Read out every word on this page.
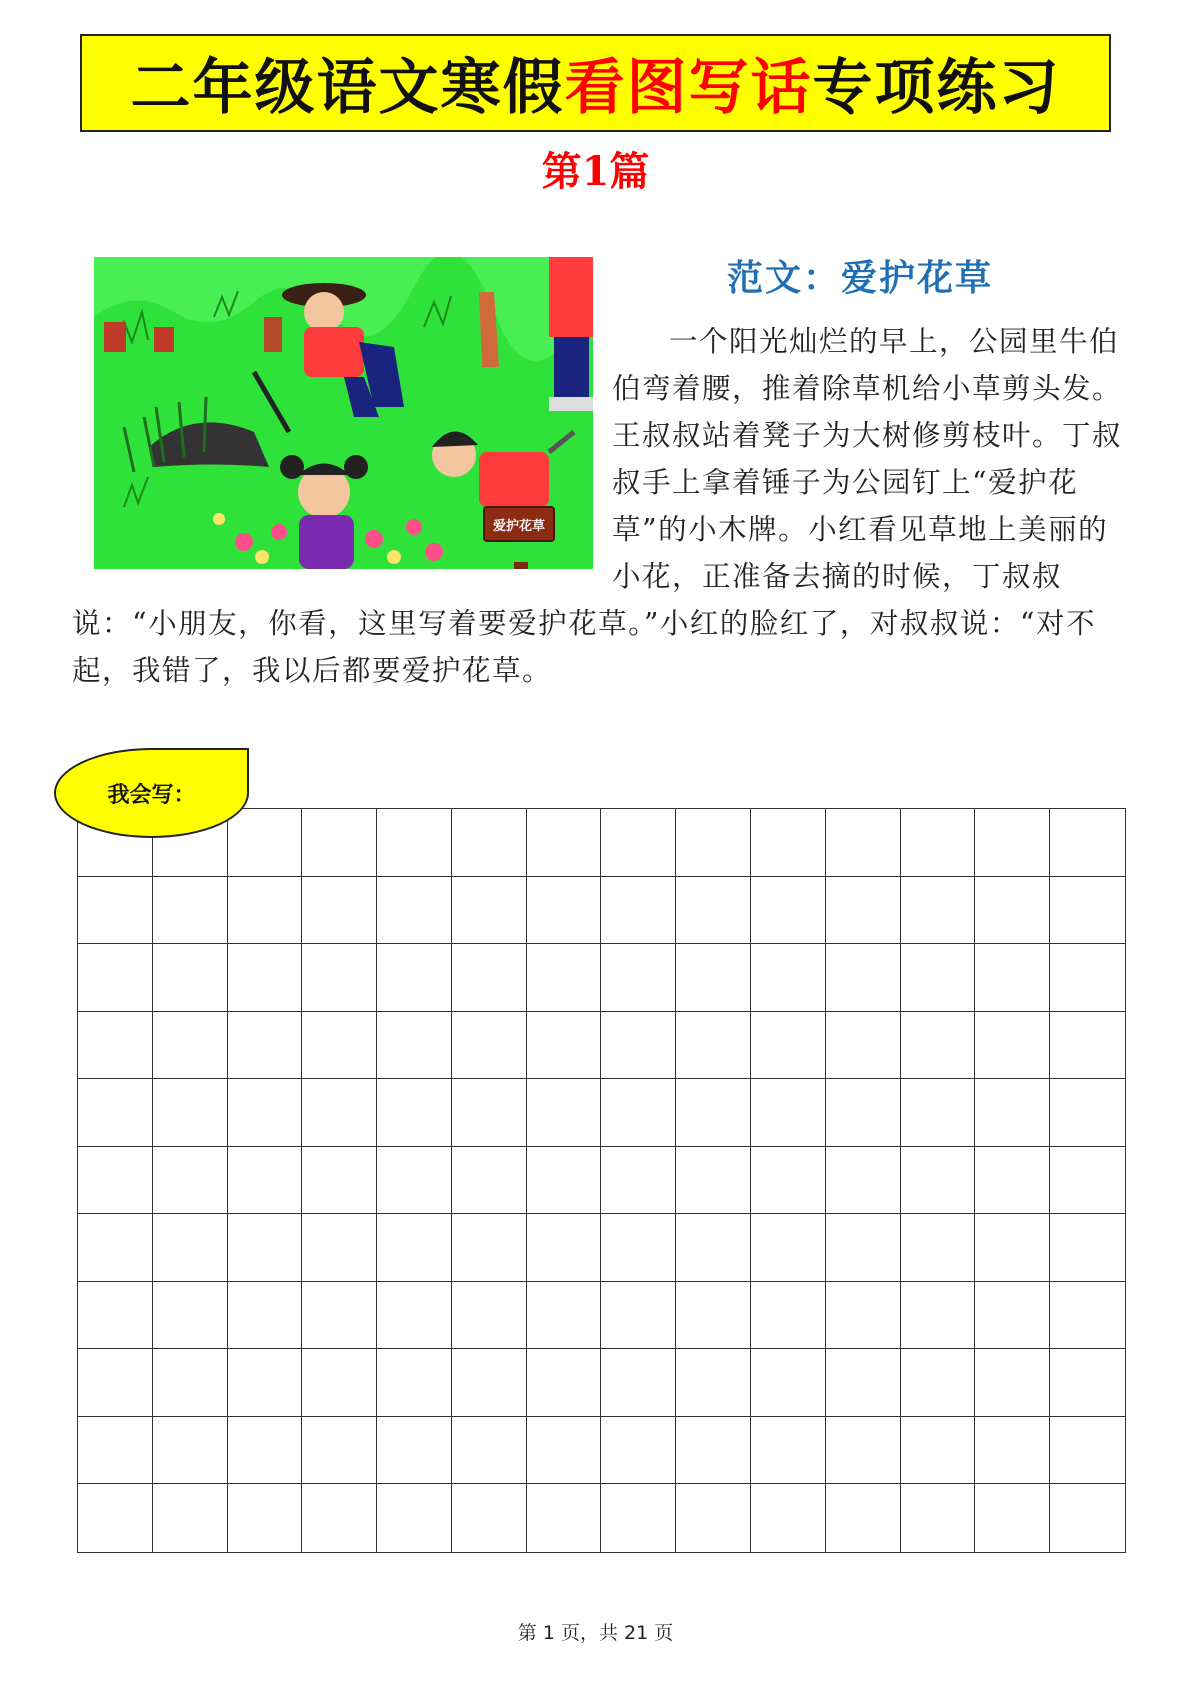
二年级语文寒假 看图写话 专项练习
第1篇
爱护花草
范文：爱护花草

一个阳光灿烂的早上，公园里牛伯伯弯着腰，推着除草机给小草剪头发。王叔叔站着凳子为大树修剪枝叶。丁叔叔手上拿着锤子为公园钉上“爱护花草”的小木牌。小红看见草地上美丽的小花，正准备去摘的时候，丁叔叔说：“小朋友，你看，这里写着要爱护花草。”小红的脸红了，对叔叔说：“对不起，我错了，我以后都要爱护花草。

我会写：
第 1 页，共 21 页
